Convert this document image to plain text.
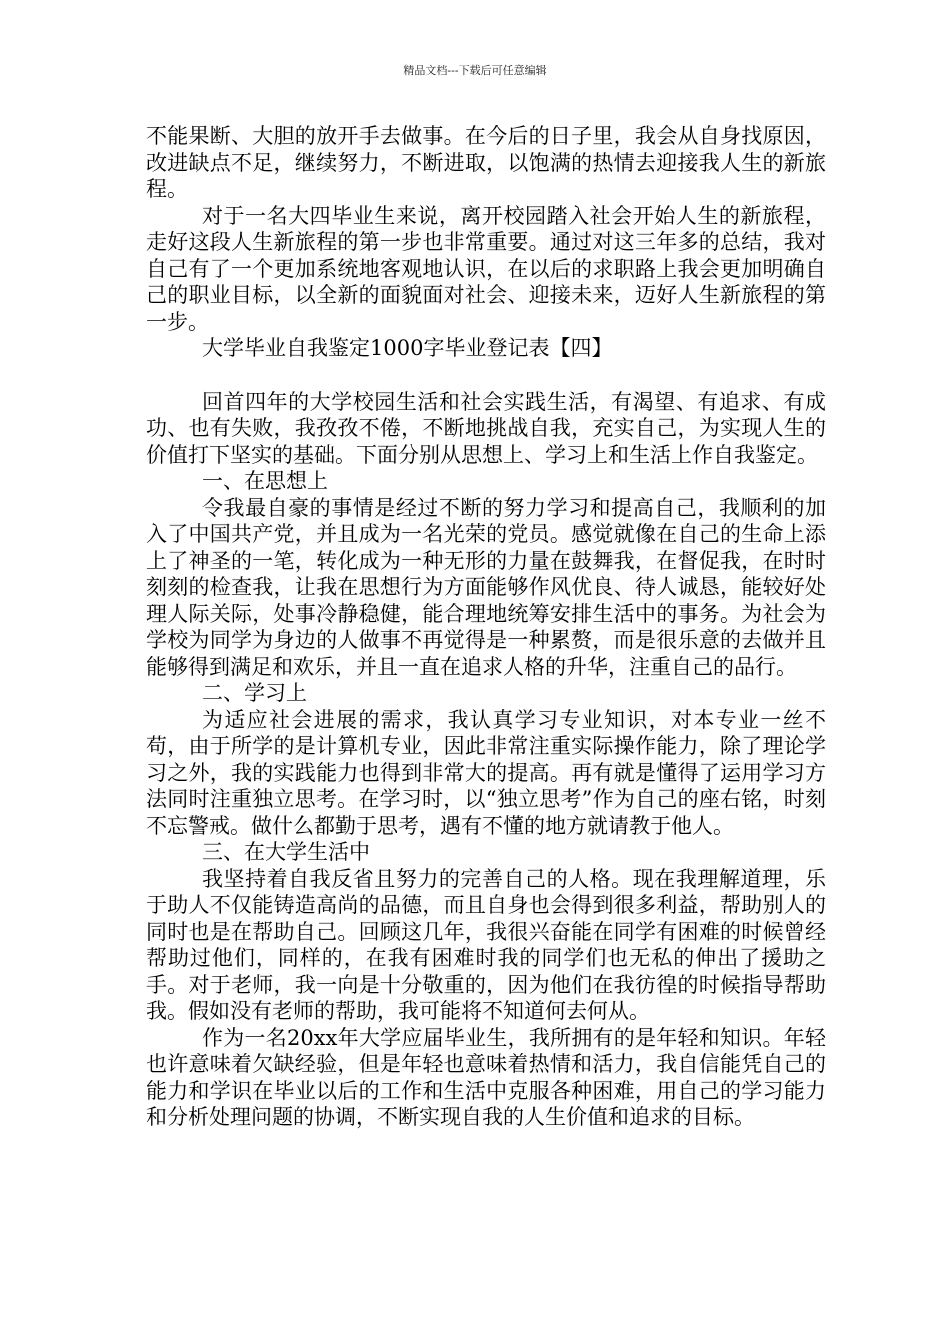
精品文档---下载后可任意编辑

不能果断、大胆的放开手去做事。在今后的日子里，我会从自身找原因，改进缺点不足，继续努力，不断进取，以饱满的热情去迎接我人生的新旅程。

对于一名大四毕业生来说，离开校园踏入社会开始人生的新旅程，走好这段人生新旅程的第一步也非常重要。通过对这三年多的总结，我对自己有了一个更加系统地客观地认识，在以后的求职路上我会更加明确自己的职业目标，以全新的面貌面对社会、迎接未来，迈好人生新旅程的第一步。

大学毕业自我鉴定1000字毕业登记表【四】

回首四年的大学校园生活和社会实践生活，有渴望、有追求、有成功、也有失败，我孜孜不倦，不断地挑战自我，充实自己，为实现人生的价值打下坚实的基础。下面分别从思想上、学习上和生活上作自我鉴定。

一、在思想上

令我最自豪的事情是经过不断的努力学习和提高自己，我顺利的加入了中国共产党，并且成为一名光荣的党员。感觉就像在自己的生命上添上了神圣的一笔，转化成为一种无形的力量在鼓舞我，在督促我，在时时刻刻的检查我，让我在思想行为方面能够作风优良、待人诚恳，能较好处理人际关际，处事冷静稳健，能合理地统筹安排生活中的事务。为社会为学校为同学为身边的人做事不再觉得是一种累赘，而是很乐意的去做并且能够得到满足和欢乐，并且一直在追求人格的升华，注重自己的品行。

二、学习上

为适应社会进展的需求，我认真学习专业知识，对本专业一丝不苟，由于所学的是计算机专业，因此非常注重实际操作能力，除了理论学习之外，我的实践能力也得到非常大的提高。再有就是懂得了运用学习方法同时注重独立思考。在学习时，以“独立思考”作为自己的座右铭，时刻不忘警戒。做什么都勤于思考，遇有不懂的地方就请教于他人。

三、在大学生活中

我坚持着自我反省且努力的完善自己的人格。现在我理解道理，乐于助人不仅能铸造高尚的品德，而且自身也会得到很多利益，帮助别人的同时也是在帮助自己。回顾这几年，我很兴奋能在同学有困难的时候曾经帮助过他们，同样的，在我有困难时我的同学们也无私的伸出了援助之手。对于老师，我一向是十分敬重的，因为他们在我彷徨的时候指导帮助我。假如没有老师的帮助，我可能将不知道何去何从。

作为一名20xx年大学应届毕业生，我所拥有的是年轻和知识。年轻也许意味着欠缺经验，但是年轻也意味着热情和活力，我自信能凭自己的能力和学识在毕业以后的工作和生活中克服各种困难，用自己的学习能力和分析处理问题的协调，不断实现自我的人生价值和追求的目标。
